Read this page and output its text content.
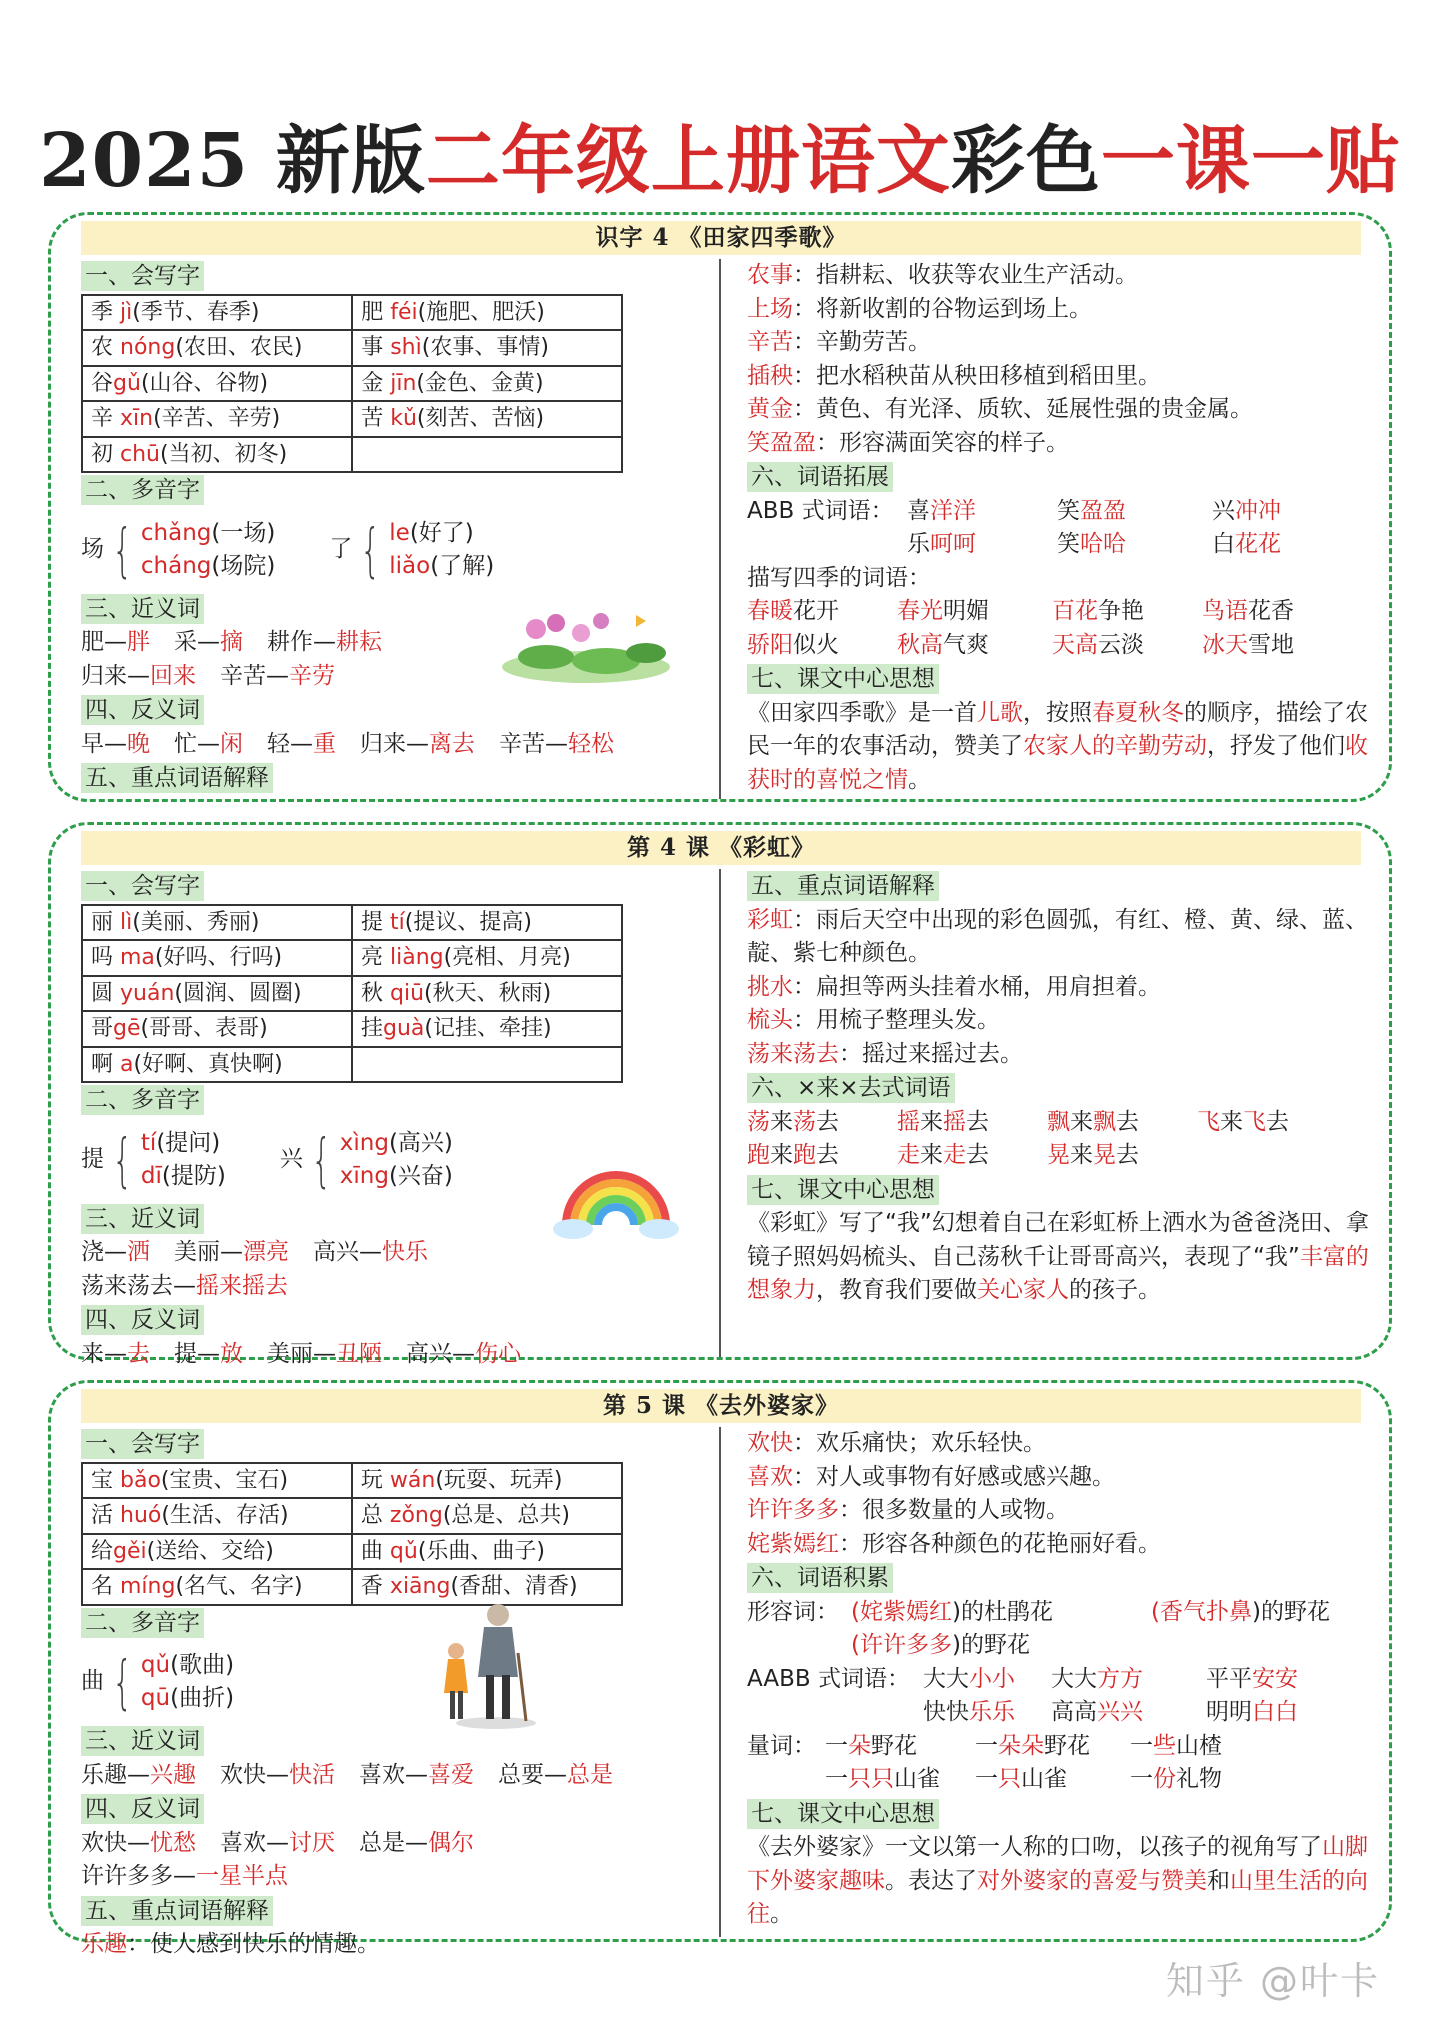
2025 新版二年级上册语文彩色一课一贴
识字 4 《田家四季歌》
一、会写字
季 jì(季节、春季)	肥 féi(施肥、肥沃)
农 nóng(农田、农民)	事 shì(农事、事情)
谷gǔ(山谷、谷物)	金 jīn(金色、金黄)
辛 xīn(辛苦、辛劳)	苦 kǔ(刻苦、苦恼)
初 chū(当初、初冬)	
二、多音字
场 { chǎng(一场)
cháng(场院)
了 { le(好了)
liǎo(了解)
三、近义词
肥—胖 采—摘 耕作—耕耘
归来—回来 辛苦—辛劳
四、反义词
早—晚 忙—闲 轻—重 归来—离去 辛苦—轻松
五、重点词语解释
农事：指耕耘、收获等农业生产活动。
上场：将新收割的谷物运到场上。
辛苦：辛勤劳苦。
插秧：把水稻秧苗从秧田移植到稻田里。
黄金：黄色、有光泽、质软、延展性强的贵金属。
笑盈盈：形容满面笑容的样子。
六、词语拓展
ABB 式词语： 喜洋洋	笑盈盈	兴冲冲
乐呵呵	笑哈哈	白花花
描写四季的词语：
春暖花开	春光明媚	百花争艳	鸟语花香
骄阳似火	秋高气爽	天高云淡	冰天雪地
七、课文中心思想
《田家四季歌》是一首儿歌，按照春夏秋冬的顺序，描绘了农民一年的农事活动，赞美了农家人的辛勤劳动，抒发了他们收获时的喜悦之情。
第 4 课 《彩虹》
一、会写字
丽 lì(美丽、秀丽)	提 tí(提议、提高)
吗 ma(好吗、行吗)	亮 liàng(亮相、月亮)
圆 yuán(圆润、圆圈)	秋 qiū(秋天、秋雨)
哥gē(哥哥、表哥)	挂guà(记挂、牵挂)
啊 a(好啊、真快啊)	
二、多音字
提 { tí(提问)
dī(提防)
兴 { xìng(高兴)
xīng(兴奋)
三、近义词
浇—洒 美丽—漂亮 高兴—快乐
荡来荡去—摇来摇去
四、反义词
来—去 提—放 美丽—丑陋 高兴—伤心
五、重点词语解释
彩虹：雨后天空中出现的彩色圆弧，有红、橙、黄、绿、蓝、靛、紫七种颜色。
挑水：扁担等两头挂着水桶，用肩担着。
梳头：用梳子整理头发。
荡来荡去：摇过来摇过去。
六、×来×去式词语
荡来荡去	摇来摇去	飘来飘去	飞来飞去
跑来跑去	走来走去	晃来晃去
七、课文中心思想
《彩虹》写了“我”幻想着自己在彩虹桥上洒水为爸爸浇田、拿镜子照妈妈梳头、自己荡秋千让哥哥高兴，表现了“我”丰富的想象力，教育我们要做关心家人的孩子。
第 5 课 《去外婆家》
一、会写字
宝 bǎo(宝贵、宝石)	玩 wán(玩耍、玩弄)
活 huó(生活、存活)	总 zǒng(总是、总共)
给gěi(送给、交给)	曲 qǔ(乐曲、曲子)
名 míng(名气、名字)	香 xiāng(香甜、清香)
二、多音字
曲 { qǔ(歌曲)
qū(曲折)
三、近义词
乐趣—兴趣 欢快—快活 喜欢—喜爱 总要—总是
四、反义词
欢快—忧愁 喜欢—讨厌 总是—偶尔
许许多多—一星半点
五、重点词语解释
乐趣：使人感到快乐的情趣。
欢快：欢乐痛快；欢乐轻快。
喜欢：对人或事物有好感或感兴趣。
许许多多：很多数量的人或物。
姹紫嫣红：形容各种颜色的花艳丽好看。
六、词语积累
形容词： (姹紫嫣红)的杜鹃花	(香气扑鼻)的野花
(许许多多)的野花
AABB 式词语： 大大小小	大大方方	平平安安
快快乐乐	高高兴兴	明明白白
量词： 一朵野花	一朵朵野花	一些山楂
一只只山雀	一只山雀	一份礼物
七、课文中心思想
《去外婆家》一文以第一人称的口吻，以孩子的视角写了山脚下外婆家趣味。表达了对外婆家的喜爱与赞美和山里生活的向往。
知乎 @叶卡
